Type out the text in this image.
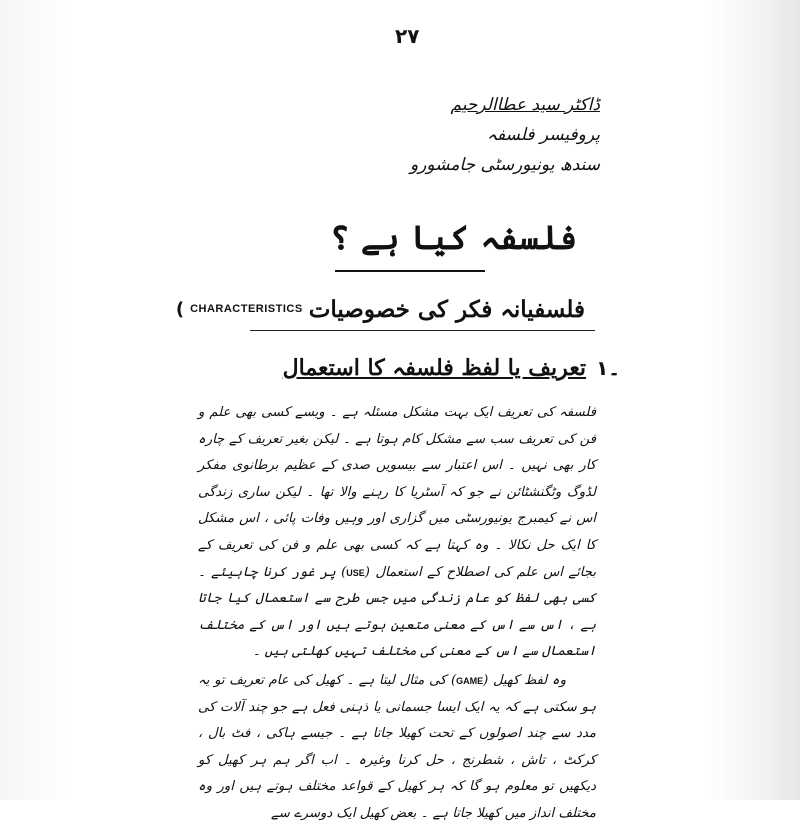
۲۷
ڈاکٹر سید عطاالرحیم
پروفیسر فلسفہ
سندھ یونیورسٹی جامشورو
فلسفہ کیا ہے ؟
فلسفیانہ فکر کی خصوصیات
CHARACTERISTICS
(
۱۔
تعریف یا لفظ فلسفہ کا استعمال

فلسفہ کی تعریف ایک بہت مشکل مسئلہ ہے ۔ ویسے کسی بھی علم و فن کی تعریف سب سے مشکل کام ہوتا ہے ۔ لیکن بغیر تعریف کے چارہ کار بھی نہیں ۔ اس اعتبار سے بیسویں صدی کے عظیم برطانوی مفکر لڈوگ وٹگنشٹائن نے جو کہ آسٹریا کا رہنے والا تھا ۔ لیکن ساری زندگی اس نے کیمبرج یونیورسٹی میں گزاری اور وہیں وفات پائی ، اس مشکل کا ایک حل نکالا ۔ وہ کہتا ہے کہ کسی بھی علم و فن کی تعریف کے بجائے اس علم کی اصطلاح کے استعمال (USE) پر غور کرنا چاہیئے ۔ کسی بھی لفظ کو عام زندگی میں جس طرح سے استعمال کیا جاتا ہے ، اس سے اس کے معنی متعین ہوتے ہیں اور اس کے مختلف استعمال سے اس کے معنی کی مختلف تہیں کھلتی ہیں ۔

وہ لفظ کھیل (GAME) کی مثال لیتا ہے ۔ کھیل کی عام تعریف تو یہ ہو سکتی ہے کہ یہ ایک ایسا جسمانی یا ذہنی فعل ہے جو چند آلات کی مدد سے چند اصولوں کے تحت کھیلا جاتا ہے ۔ جیسے ہاکی ، فٹ بال ، کرکٹ ، تاش ، شطرنج ، حل کرنا وغیرہ ۔ اب اگر ہم ہر کھیل کو دیکھیں تو معلوم ہو گا کہ ہر کھیل کے قواعد مختلف ہوتے ہیں اور وہ مختلف انداز میں کھیلا جاتا ہے ۔ بعض کھیل ایک دوسرے سے
